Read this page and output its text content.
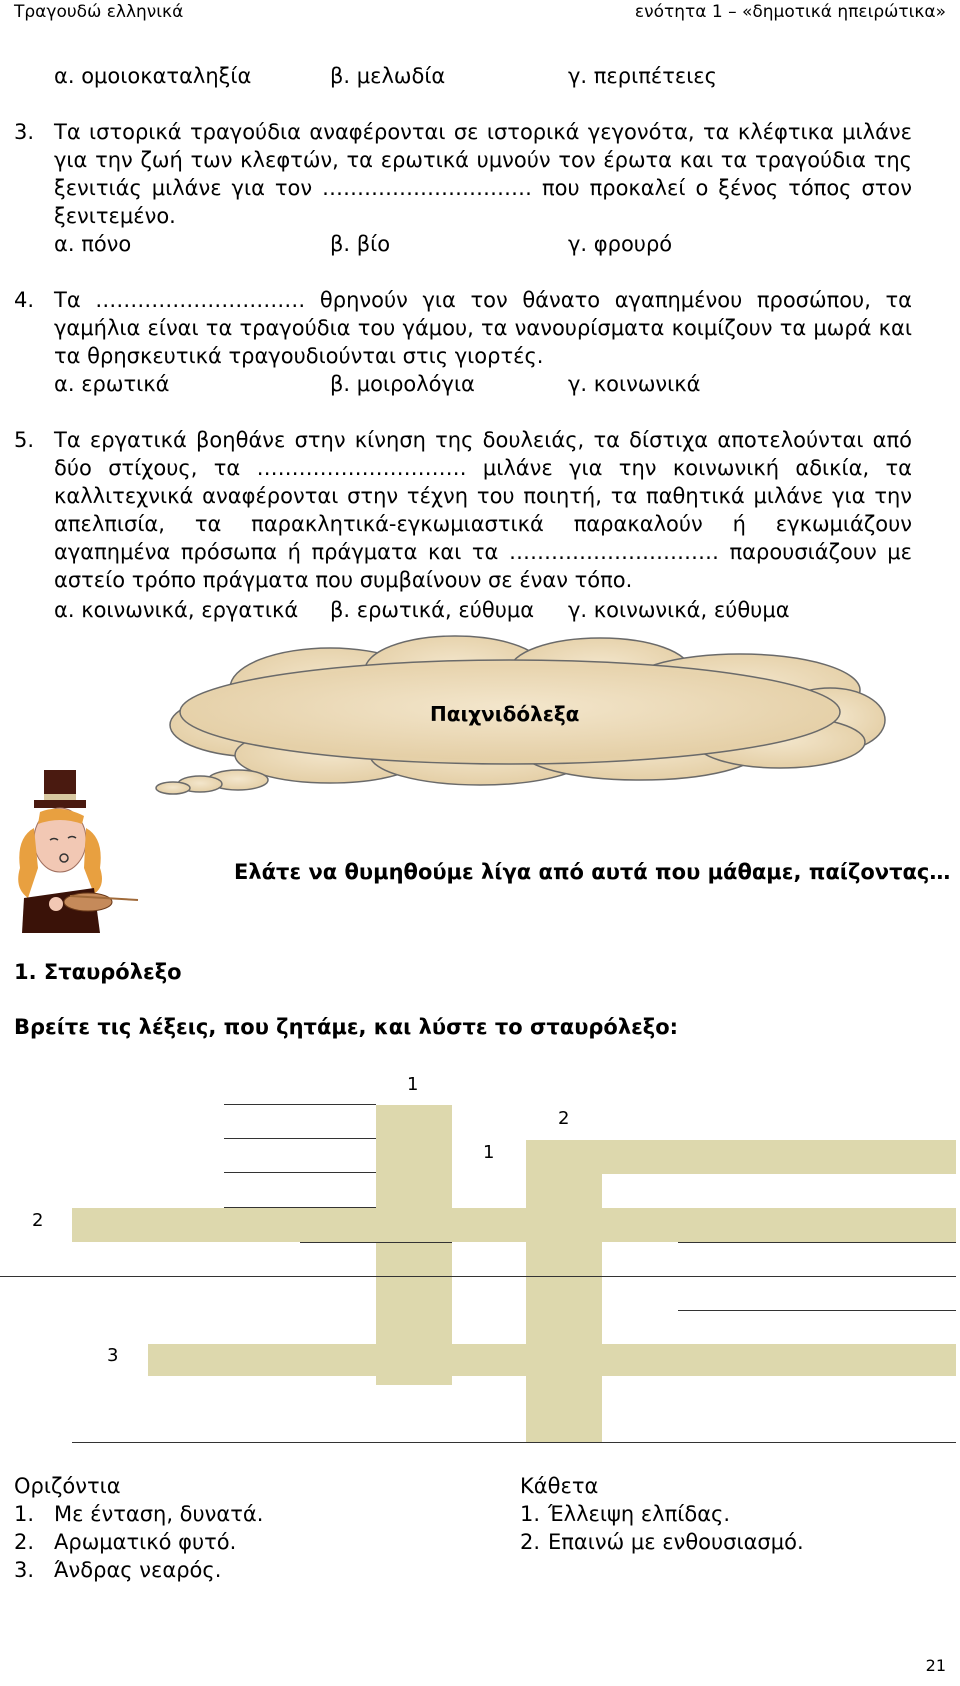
Τραγουδώ ελληνικά	ενότητα 1 – «δημοτικά ηπειρώτικα»
α. ομοιοκαταληξία	β. μελωδία	γ. περιπέτειες
3. Τα ιστορικά τραγούδια αναφέρονται σε ιστορικά γεγονότα, τα κλέφτικα μιλάνε για την ζωή των κλεφτών, τα ερωτικά υμνούν τον έρωτα και τα τραγούδια της ξενιτιάς μιλάνε για τον ………………………… που προκαλεί ο ξένος τόπος στον ξενιτεμένο.
α. πόνο	β. βίο	γ. φρουρό
4. Τα ………………………… θρηνούν για τον θάνατο αγαπημένου προσώπου, τα γαμήλια είναι τα τραγούδια του γάμου, τα νανουρίσματα κοιμίζουν τα μωρά και τα θρησκευτικά τραγουδιούνται στις γιορτές.
α. ερωτικά	β. μοιρολόγια	γ. κοινωνικά
5. Τα εργατικά βοηθάνε στην κίνηση της δουλειάς, τα δίστιχα αποτελούνται από δύο στίχους, τα ………………………… μιλάνε για την κοινωνική αδικία, τα καλλιτεχνικά αναφέρονται στην τέχνη του ποιητή, τα παθητικά μιλάνε για την απελπισία, τα παρακλητικά-εγκωμιαστικά παρακαλούν ή εγκωμιάζουν αγαπημένα πρόσωπα ή πράγματα και τα ………………………… παρουσιάζουν με αστείο τρόπο πράγματα που συμβαίνουν σε έναν τόπο.
α. κοινωνικά, εργατικά β. ερωτικά, εύθυμα γ. κοινωνικά, εύθυμα
Παιχνιδόλεξα
Ελάτε να θυμηθούμε λίγα από αυτά που μάθαμε, παίζοντας…
1. Σταυρόλεξο
Βρείτε τις λέξεις, που ζητάμε, και λύστε το σταυρόλεξο:
1
2
1
2
3
Οριζόντια
1. Με ένταση, δυνατά.
2. Αρωματικό φυτό.
3. Άνδρας νεαρός.
Κάθετα
1. Έλλειψη ελπίδας.
2. Επαινώ με ενθουσιασμό.
21
